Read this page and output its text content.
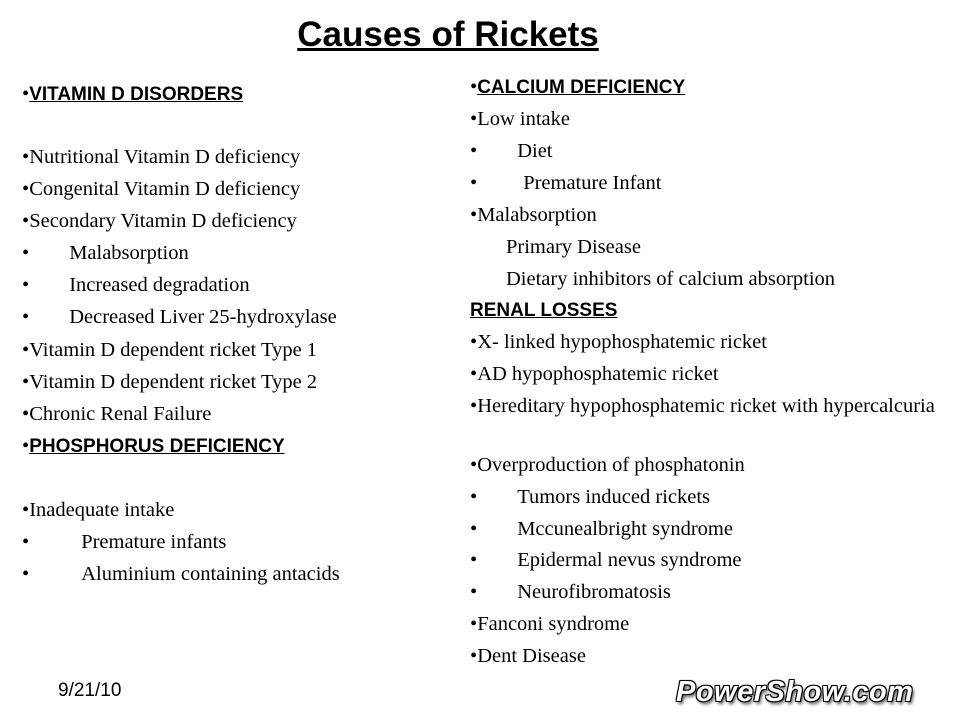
Causes of Rickets
• VITAMIN D DISORDERS
• Nutritional Vitamin D deficiency
• Congenital Vitamin D deficiency
• Secondary Vitamin D deficiency
• Malabsorption
• Increased degradation
• Decreased Liver 25-hydroxylase
• Vitamin D dependent ricket Type 1
• Vitamin D dependent ricket Type 2
• Chronic Renal Failure
• PHOSPHORUS DEFICIENCY
• Inadequate intake
• Premature infants
• Aluminium containing antacids
• CALCIUM DEFICIENCY
• Low intake
• Diet
• Premature Infant
• Malabsorption
Primary Disease
Dietary inhibitors of calcium absorption
RENAL LOSSES
• X- linked hypophosphatemic ricket
• AD hypophosphatemic ricket
• Hereditary hypophosphatemic ricket with hypercalcuria
• Overproduction of phosphatonin
• Tumors induced rickets
• Mccunealbright syndrome
• Epidermal nevus syndrome
• Neurofibromatosis
• Fanconi syndrome
• Dent Disease
9/21/10	PowerShow.com
